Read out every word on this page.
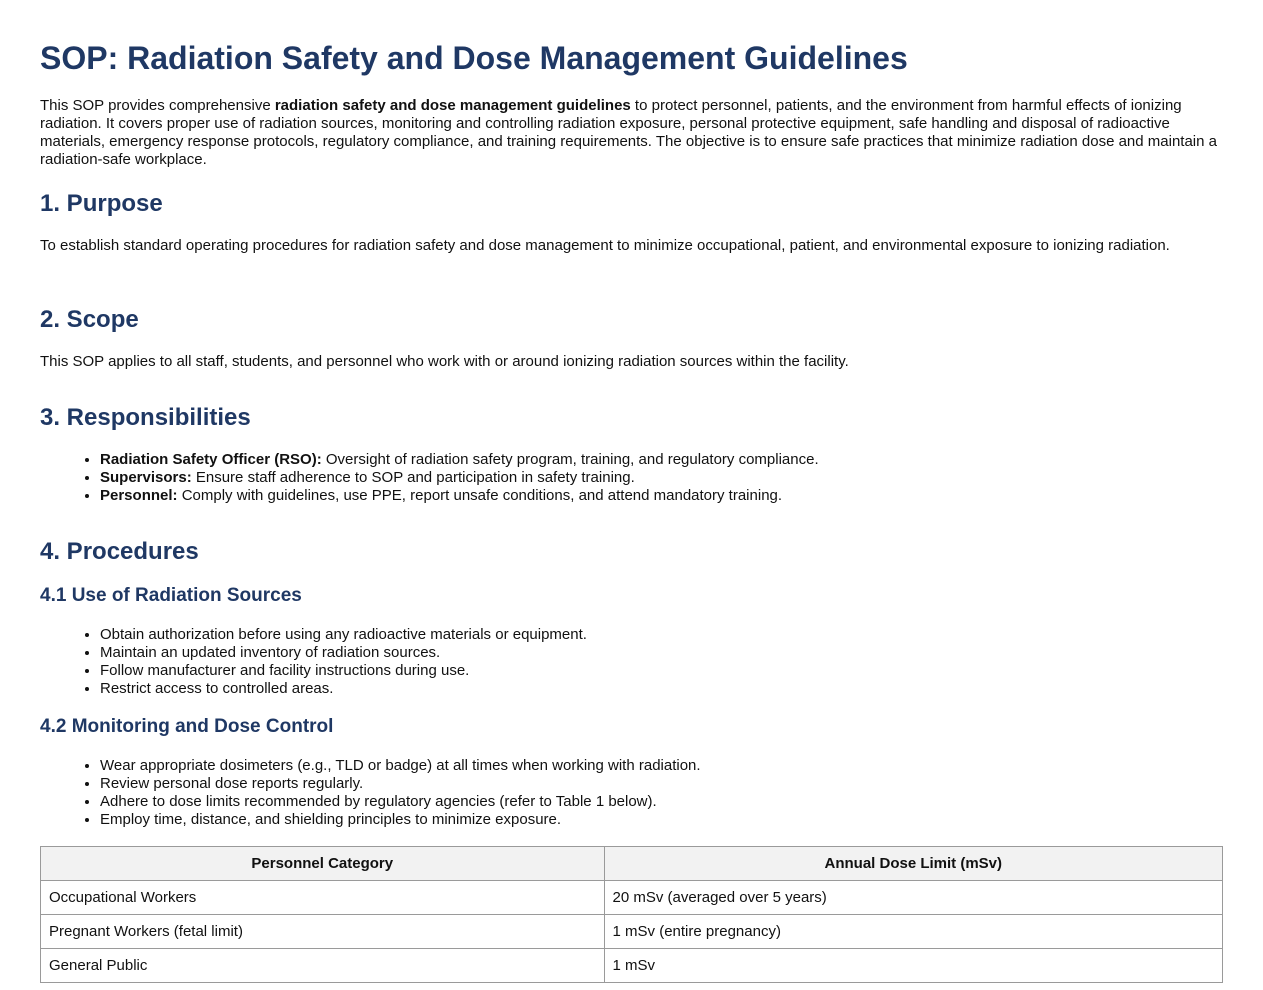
SOP: Radiation Safety and Dose Management Guidelines

This SOP provides comprehensive radiation safety and dose management guidelines to protect personnel, patients, and the environment from harmful effects of ionizing radiation. It covers proper use of radiation sources, monitoring and controlling radiation exposure, personal protective equipment, safe handling and disposal of radioactive materials, emergency response protocols, regulatory compliance, and training requirements. The objective is to ensure safe practices that minimize radiation dose and maintain a radiation-safe workplace.

1. Purpose

To establish standard operating procedures for radiation safety and dose management to minimize occupational, patient, and environmental exposure to ionizing radiation.

2. Scope

This SOP applies to all staff, students, and personnel who work with or around ionizing radiation sources within the facility.

3. Responsibilities
• Radiation Safety Officer (RSO): Oversight of radiation safety program, training, and regulatory compliance.
• Supervisors: Ensure staff adherence to SOP and participation in safety training.
• Personnel: Comply with guidelines, use PPE, report unsafe conditions, and attend mandatory training.
4. Procedures
4.1 Use of Radiation Sources
• Obtain authorization before using any radioactive materials or equipment.
• Maintain an updated inventory of radiation sources.
• Follow manufacturer and facility instructions during use.
• Restrict access to controlled areas.
4.2 Monitoring and Dose Control
• Wear appropriate dosimeters (e.g., TLD or badge) at all times when working with radiation.
• Review personal dose reports regularly.
• Adhere to dose limits recommended by regulatory agencies (refer to Table 1 below).
• Employ time, distance, and shielding principles to minimize exposure.
Personnel Category	Annual Dose Limit (mSv)
Occupational Workers	20 mSv (averaged over 5 years)
Pregnant Workers (fetal limit)	1 mSv (entire pregnancy)
General Public	1 mSv
